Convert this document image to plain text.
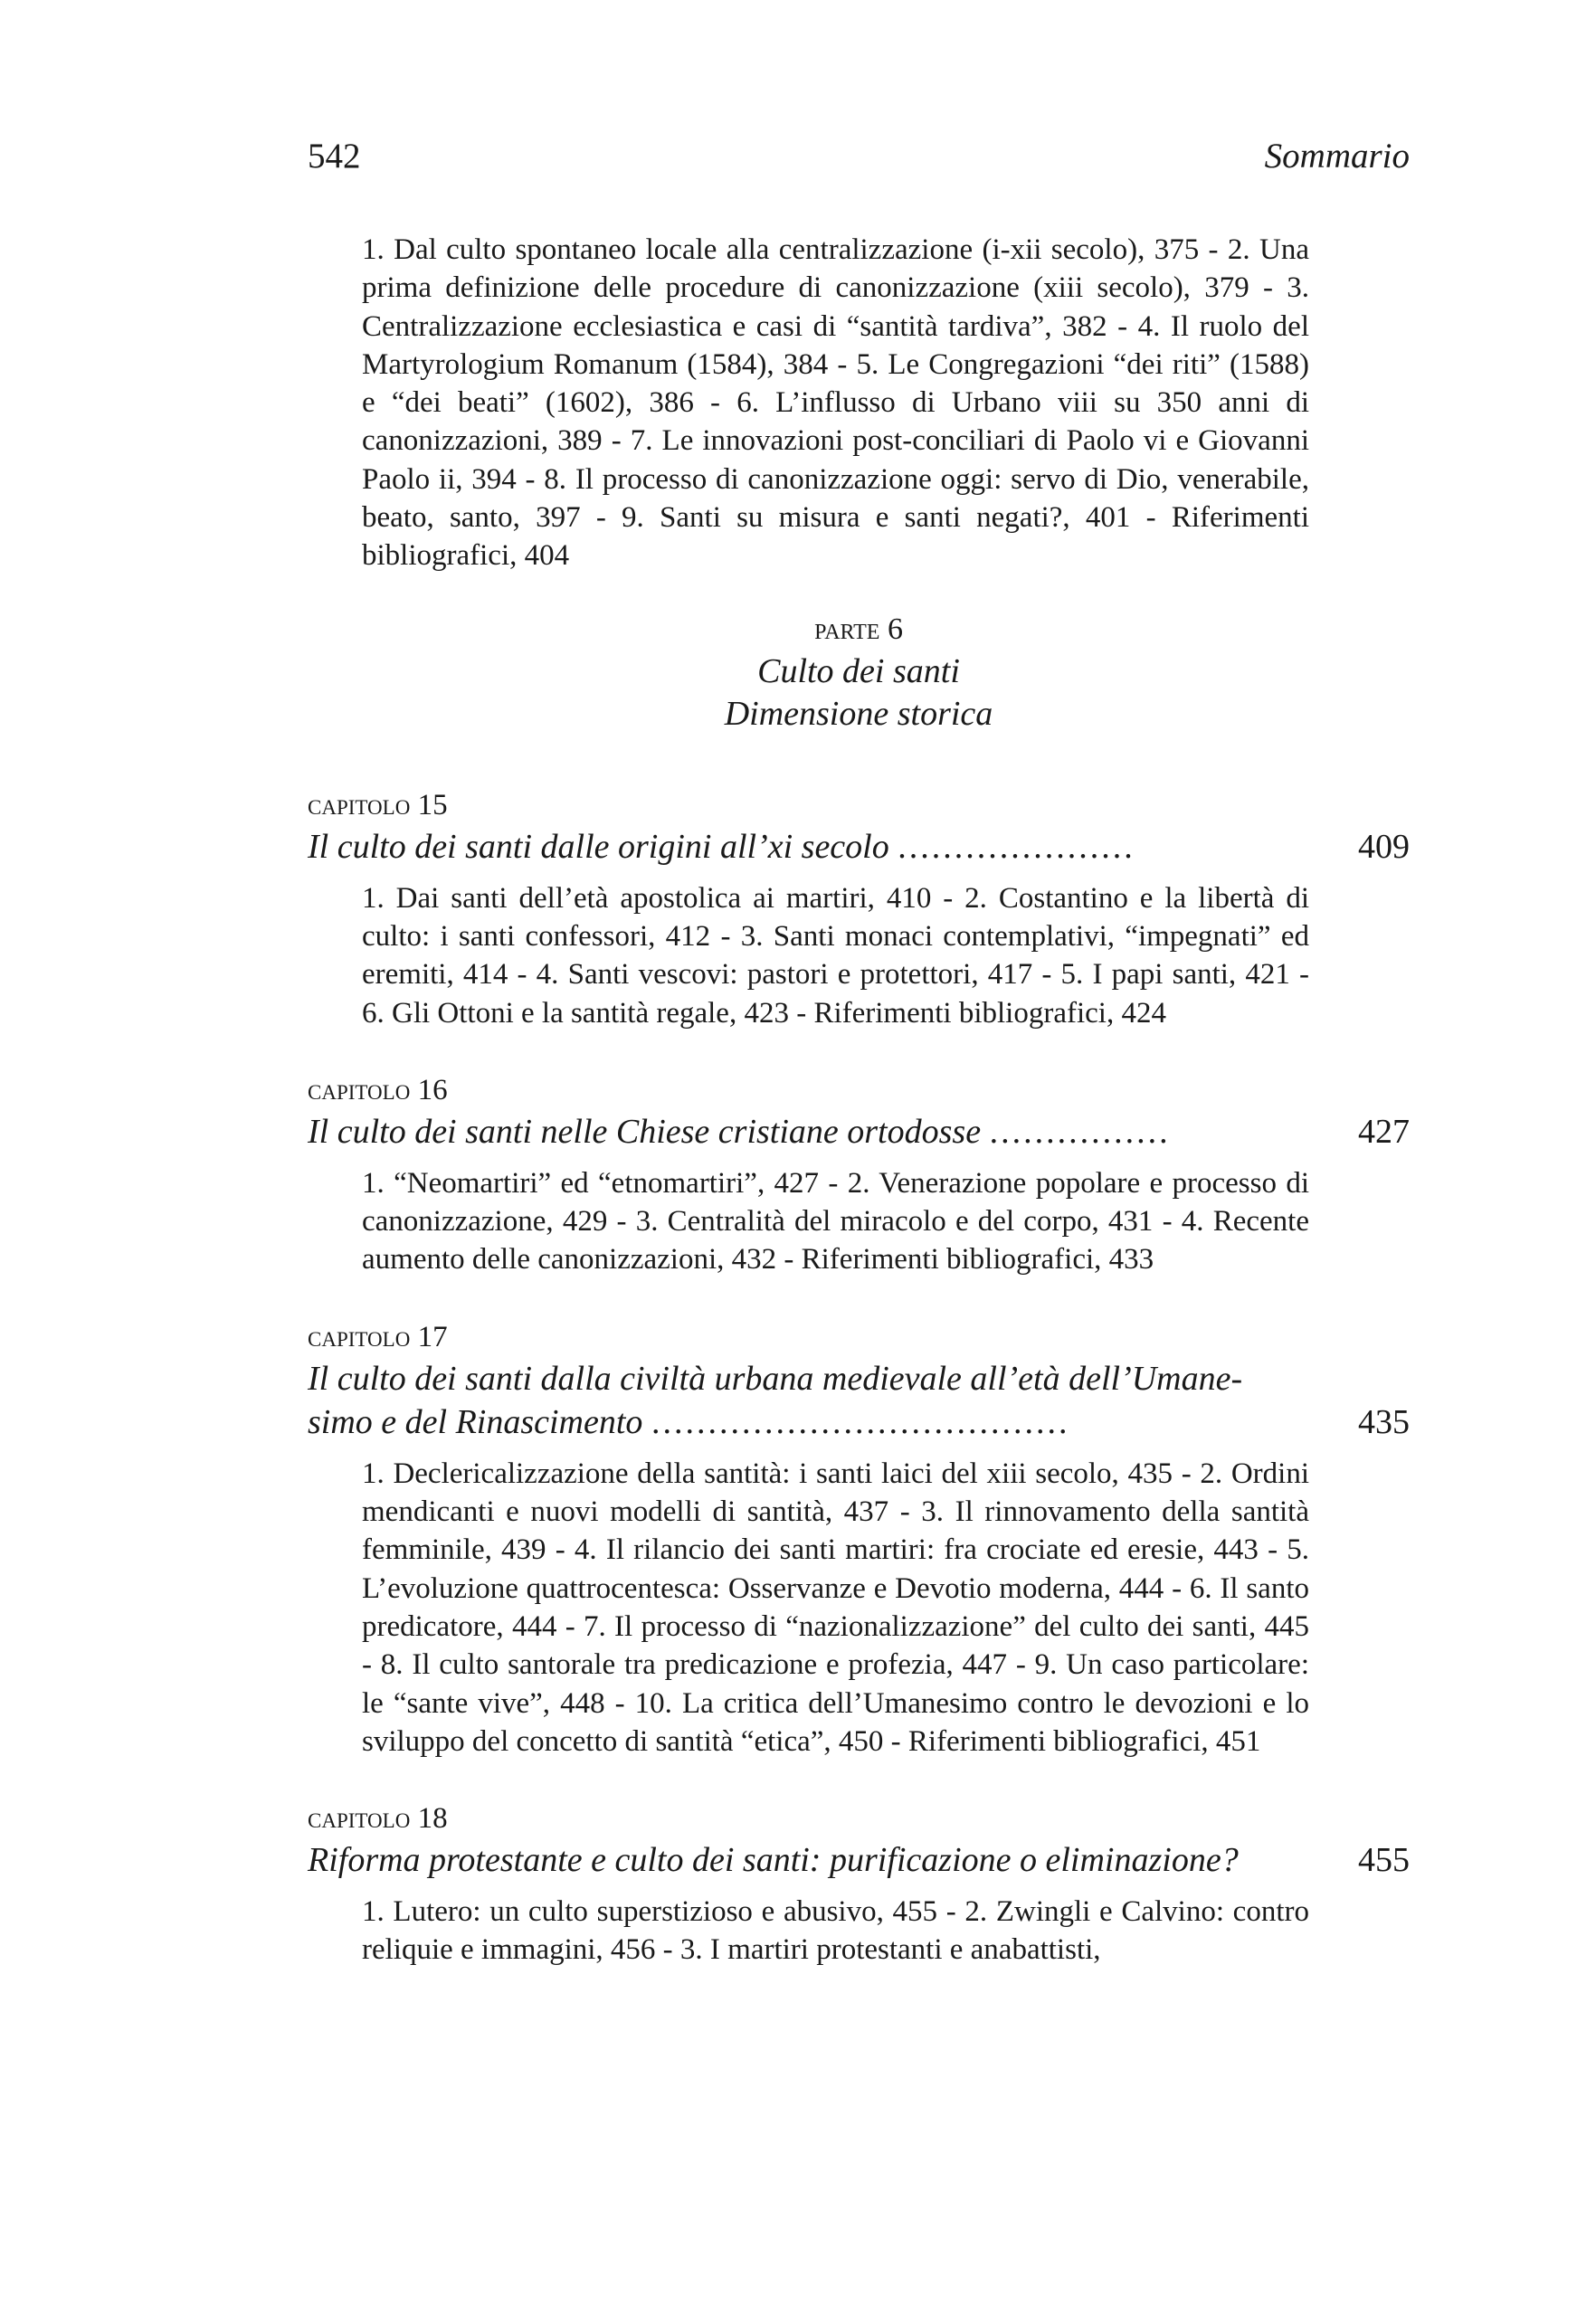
542	Sommario

1. Dal culto spontaneo locale alla centralizzazione (i-xii secolo), 375 - 2. Una prima definizione delle procedure di canonizzazione (xiii secolo), 379 - 3. Centralizzazione ecclesiastica e casi di “santità tardiva”, 382 - 4. Il ruolo del Martyrologium Romanum (1584), 384 - 5. Le Congregazioni “dei riti” (1588) e “dei beati” (1602), 386 - 6. L’influsso di Urbano viii su 350 anni di canonizzazioni, 389 - 7. Le innovazioni post-conciliari di Paolo vi e Giovanni Paolo ii, 394 - 8. Il processo di canonizzazione oggi: servo di Dio, venerabile, beato, santo, 397 - 9. Santi su misura e santi negati?, 401 - Riferimenti bibliografici, 404

parte 6
Culto dei santi
Dimensione storica
capitolo 15
Il culto dei santi dalle origini all’xi secolo .....................	409

1. Dai santi dell’età apostolica ai martiri, 410 - 2. Costantino e la libertà di culto: i santi confessori, 412 - 3. Santi monaci contemplativi, “impegnati” ed eremiti, 414 - 4. Santi vescovi: pastori e protettori, 417 - 5. I papi santi, 421 - 6. Gli Ottoni e la santità regale, 423 - Riferimenti bibliografici, 424

capitolo 16
Il culto dei santi nelle Chiese cristiane ortodosse ................	427

1. “Neomartiri” ed “etnomartiri”, 427 - 2. Venerazione popolare e processo di canonizzazione, 429 - 3. Centralità del miracolo e del corpo, 431 - 4. Recente aumento delle canonizzazioni, 432 - Riferimenti bibliografici, 433

capitolo 17
Il culto dei santi dalla civiltà urbana medievale all’età dell’Umane-
simo e del Rinascimento .....................................	435

1. Declericalizzazione della santità: i santi laici del xiii secolo, 435 - 2. Ordini mendicanti e nuovi modelli di santità, 437 - 3. Il rinnovamento della santità femminile, 439 - 4. Il rilancio dei santi martiri: fra crociate ed eresie, 443 - 5. L’evoluzione quattrocentesca: Osservanze e Devotio moderna, 444 - 6. Il santo predicatore, 444 - 7. Il processo di “nazionalizzazione” del culto dei santi, 445 - 8. Il culto santorale tra predicazione e profezia, 447 - 9. Un caso particolare: le “sante vive”, 448 - 10. La critica dell’Umanesimo contro le devozioni e lo sviluppo del concetto di santità “etica”, 450 - Riferimenti bibliografici, 451

capitolo 18
Riforma protestante e culto dei santi: purificazione o eliminazione?	455

1. Lutero: un culto superstizioso e abusivo, 455 - 2. Zwingli e Calvino: contro reliquie e immagini, 456 - 3. I martiri protestanti e anabattisti,
